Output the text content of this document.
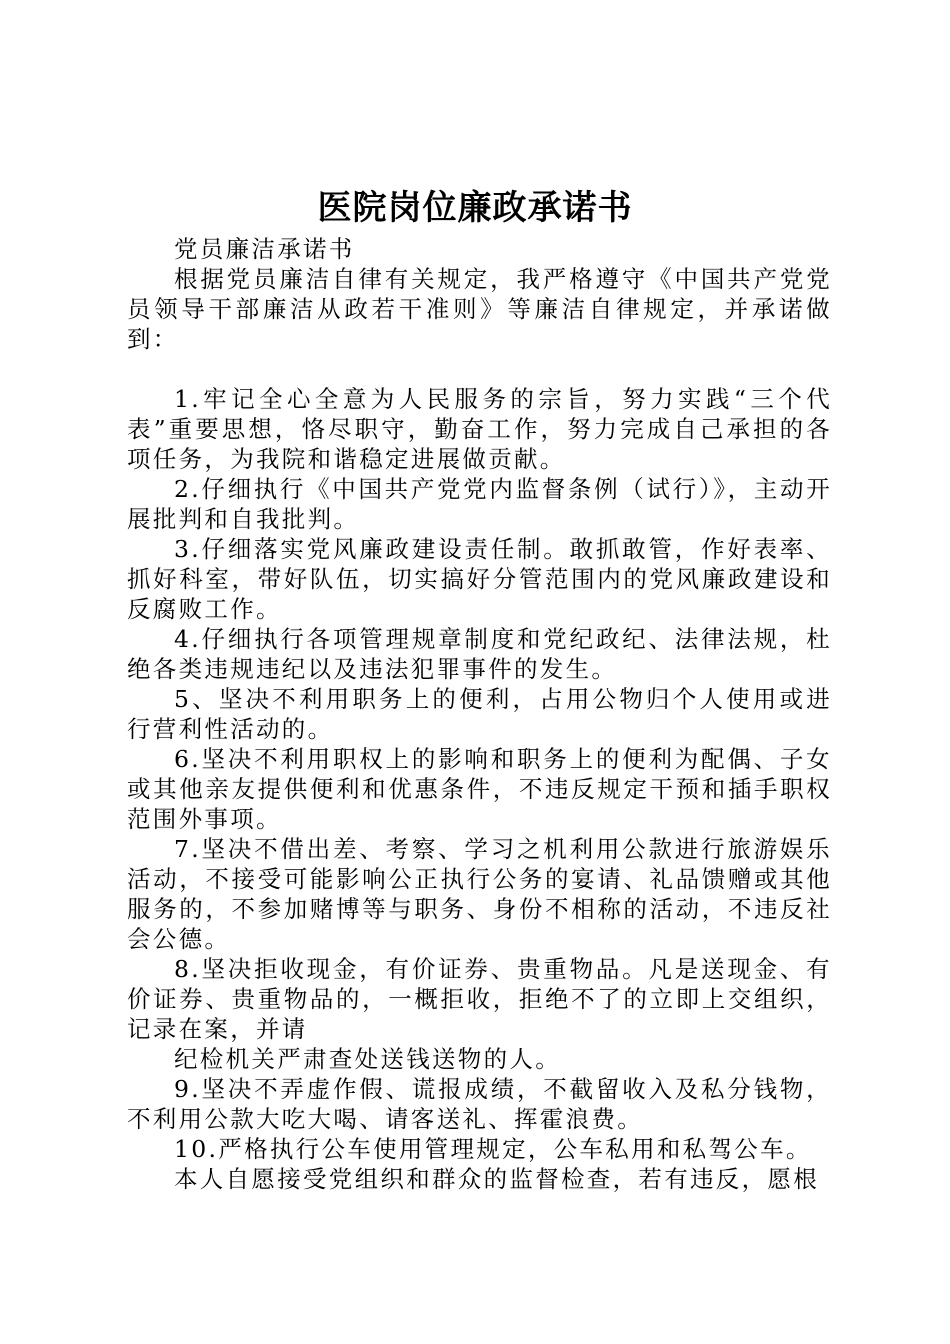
医院岗位廉政承诺书

党员廉洁承诺书

根据党员廉洁自律有关规定，我严格遵守《中国共产党党员领导干部廉洁从政若干准则》等廉洁自律规定，并承诺做到：

1.牢记全心全意为人民服务的宗旨，努力实践“三个代表”重要思想，恪尽职守，勤奋工作，努力完成自己承担的各项任务，为我院和谐稳定进展做贡献。

2.仔细执行《中国共产党党内监督条例（试行）》，主动开展批判和自我批判。

3.仔细落实党风廉政建设责任制。敢抓敢管，作好表率、抓好科室，带好队伍，切实搞好分管范围内的党风廉政建设和反腐败工作。

4.仔细执行各项管理规章制度和党纪政纪、法律法规，杜绝各类违规违纪以及违法犯罪事件的发生。

5、坚决不利用职务上的便利，占用公物归个人使用或进行营利性活动的。

6.坚决不利用职权上的影响和职务上的便利为配偶、子女或其他亲友提供便利和优惠条件，不违反规定干预和插手职权范围外事项。

7.坚决不借出差、考察、学习之机利用公款进行旅游娱乐活动，不接受可能影响公正执行公务的宴请、礼品馈赠或其他服务的，不参加赌博等与职务、身份不相称的活动，不违反社会公德。

8.坚决拒收现金，有价证券、贵重物品。凡是送现金、有价证券、贵重物品的，一概拒收，拒绝不了的立即上交组织，记录在案，并请

纪检机关严肃查处送钱送物的人。

9.坚决不弄虚作假、谎报成绩，不截留收入及私分钱物，不利用公款大吃大喝、请客送礼、挥霍浪费。

10.严格执行公车使用管理规定，公车私用和私驾公车。

本人自愿接受党组织和群众的监督检查，若有违反，愿根
